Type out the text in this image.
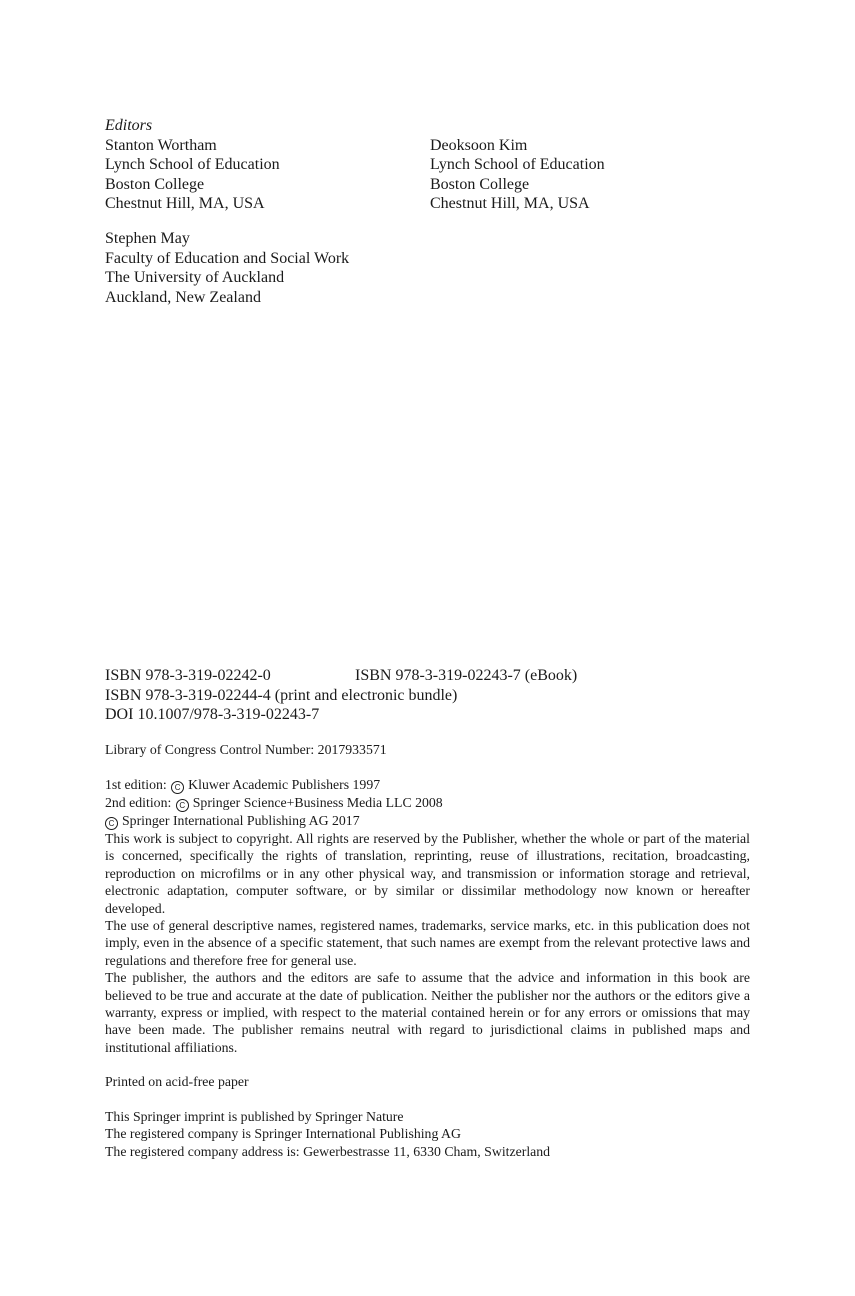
Editors
Stanton Wortham
Lynch School of Education
Boston College
Chestnut Hill, MA, USA
Deoksoon Kim
Lynch School of Education
Boston College
Chestnut Hill, MA, USA
Stephen May
Faculty of Education and Social Work
The University of Auckland
Auckland, New Zealand
ISBN 978-3-319-02242-0	ISBN 978-3-319-02243-7 (eBook)
ISBN 978-3-319-02244-4 (print and electronic bundle)
DOI 10.1007/978-3-319-02243-7
Library of Congress Control Number: 2017933571
1st edition: C Kluwer Academic Publishers 1997
2nd edition: C Springer Science+Business Media LLC 2008
C Springer International Publishing AG 2017

This work is subject to copyright. All rights are reserved by the Publisher, whether the whole or part of the material is concerned, specifically the rights of translation, reprinting, reuse of illustrations, recitation, broadcasting, reproduction on microfilms or in any other physical way, and transmission or information storage and retrieval, electronic adaptation, computer software, or by similar or dissimilar methodology now known or hereafter developed.

The use of general descriptive names, registered names, trademarks, service marks, etc. in this publication does not imply, even in the absence of a specific statement, that such names are exempt from the relevant protective laws and regulations and therefore free for general use.

The publisher, the authors and the editors are safe to assume that the advice and information in this book are believed to be true and accurate at the date of publication. Neither the publisher nor the authors or the editors give a warranty, express or implied, with respect to the material contained herein or for any errors or omissions that may have been made. The publisher remains neutral with regard to jurisdictional claims in published maps and institutional affiliations.

Printed on acid-free paper
This Springer imprint is published by Springer Nature
The registered company is Springer International Publishing AG
The registered company address is: Gewerbestrasse 11, 6330 Cham, Switzerland
